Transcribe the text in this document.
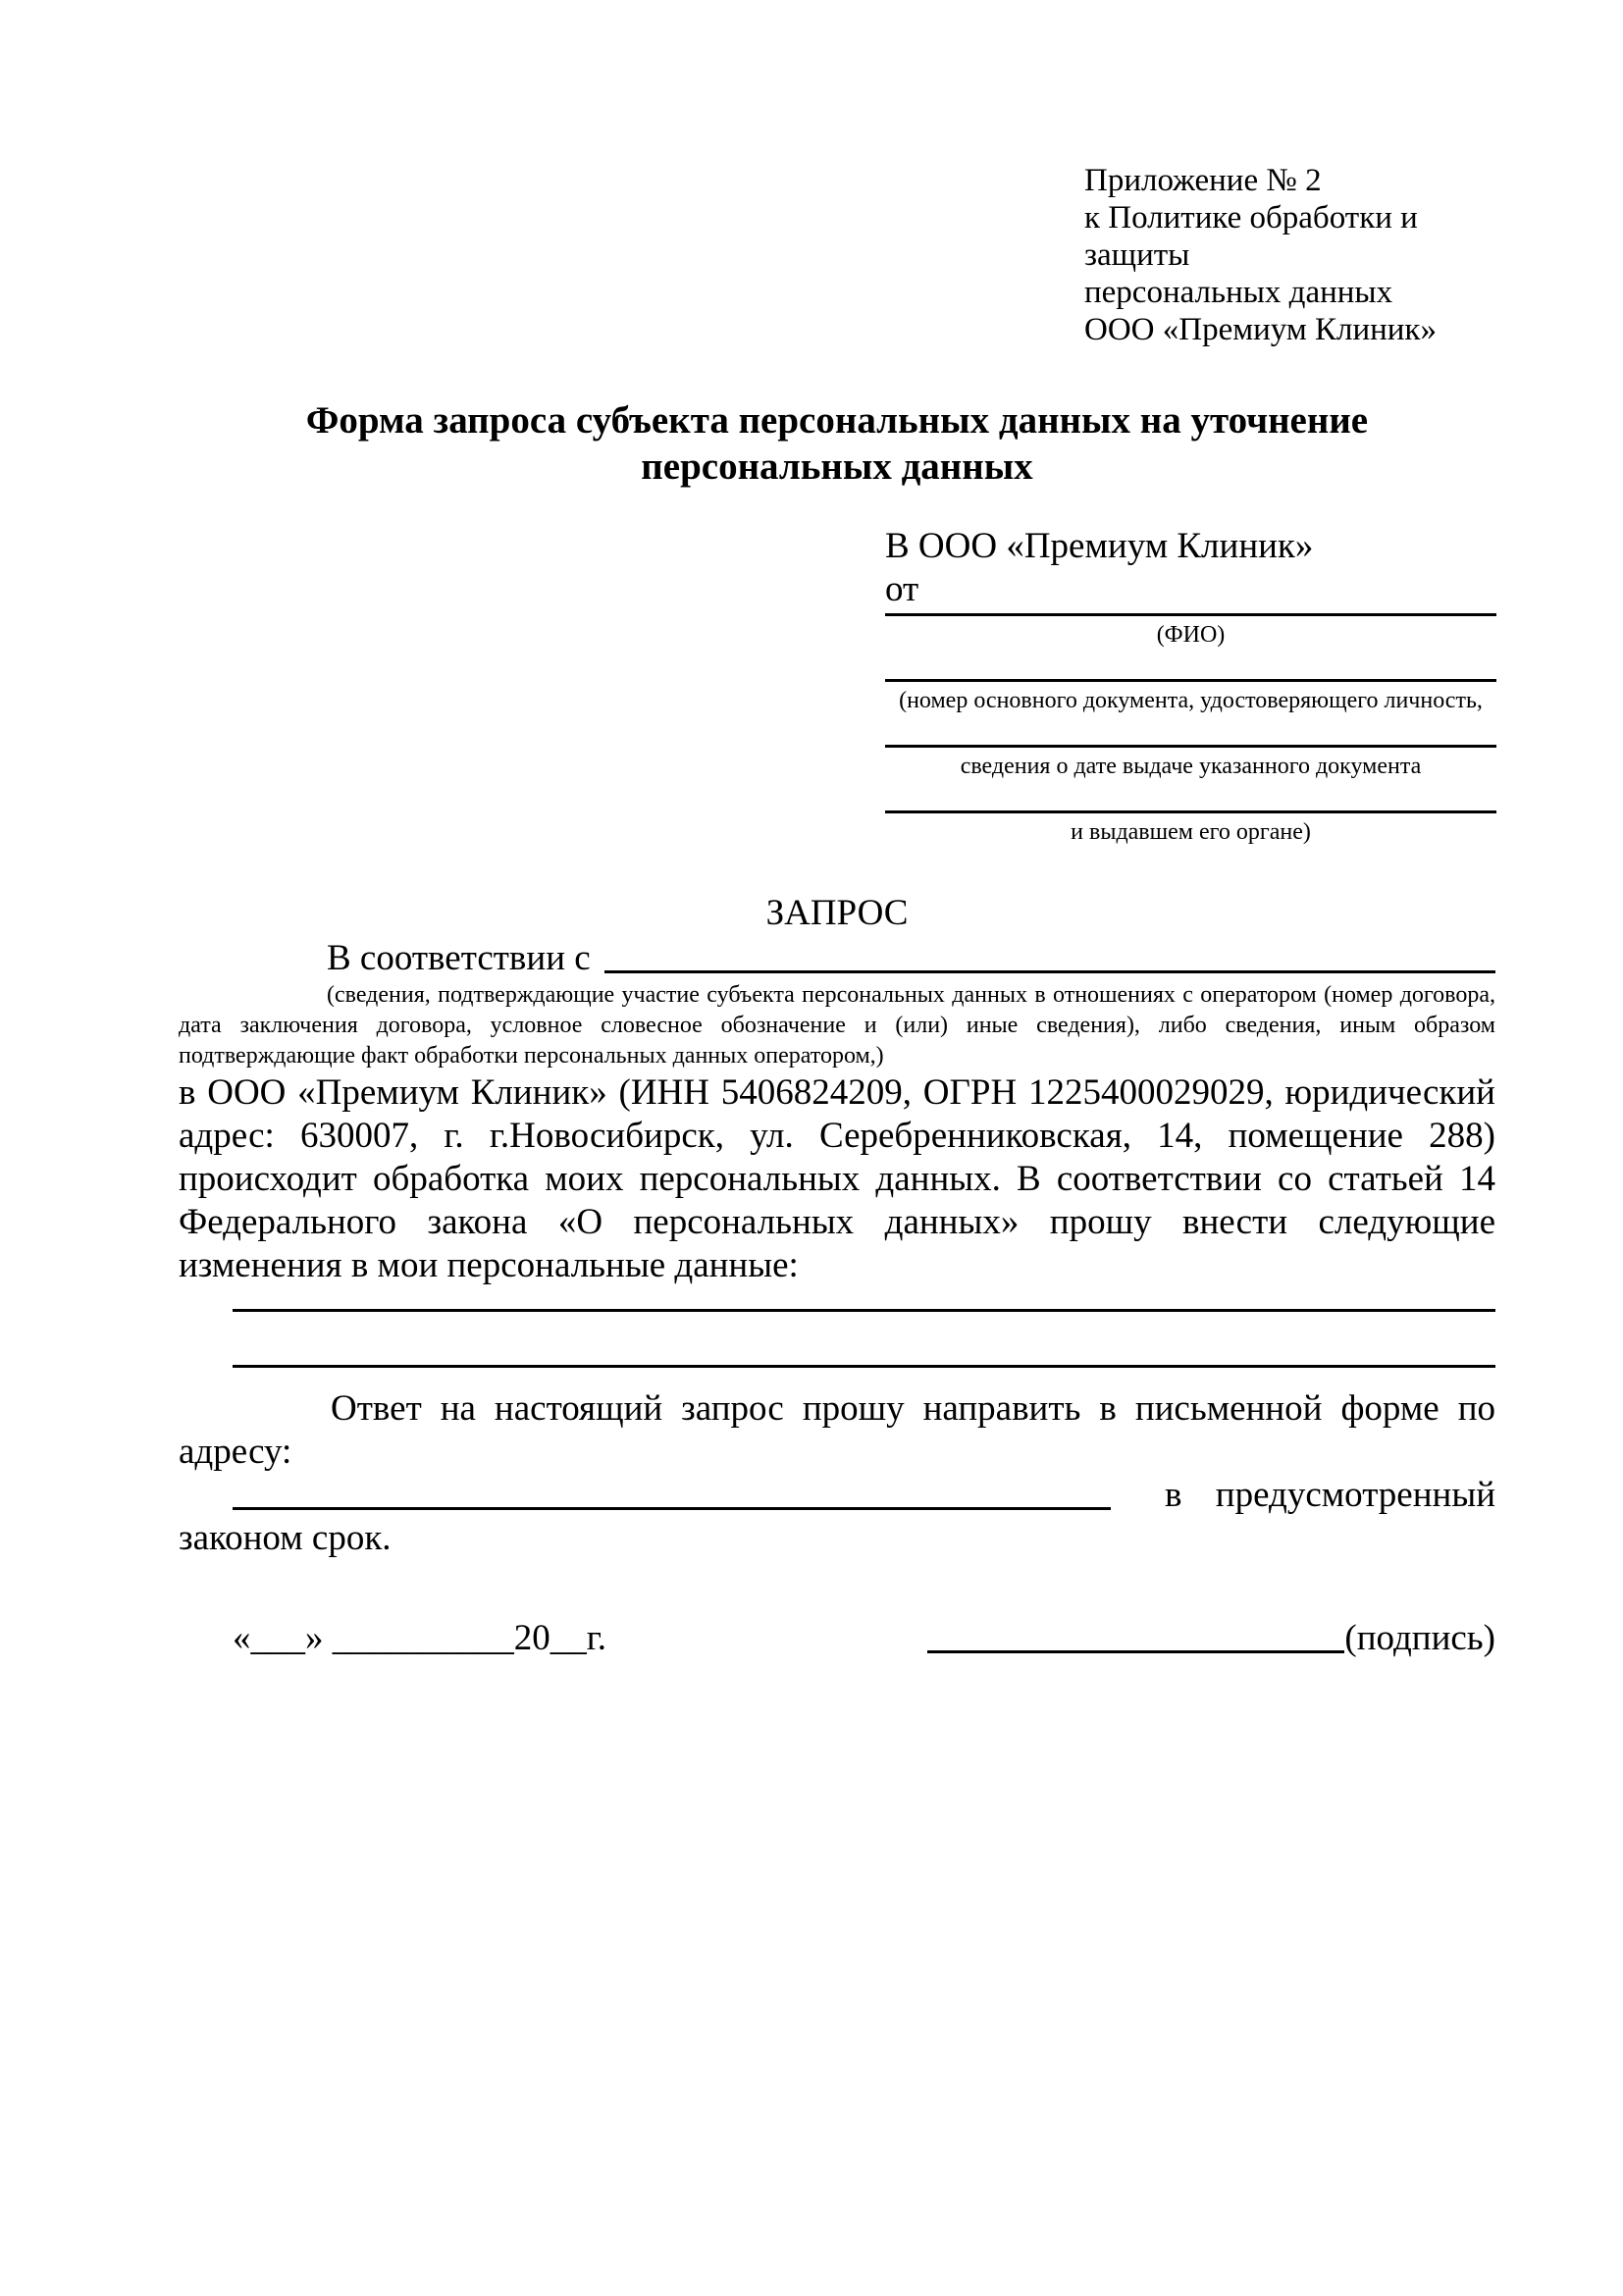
Приложение № 2
к Политике обработки и защиты
персональных данных
ООО «Премиум Клиник»
Форма запроса субъекта персональных данных на уточнение персональных данных
В ООО «Премиум Клиник»
от
(ФИО)
(номер основного документа, удостоверяющего личность,
сведения о дате выдаче указанного документа
и выдавшем его органе)
ЗАПРОС
В соответствии с
(сведения, подтверждающие участие субъекта персональных данных в отношениях с оператором (номер договора, дата заключения договора, условное словесное обозначение и (или) иные сведения), либо сведения, иным образом подтверждающие факт обработки персональных данных оператором,)
в ООО «Премиум Клиник» (ИНН 5406824209, ОГРН 1225400029029, юридический адрес: 630007, г. г.Новосибирск, ул. Серебренниковская, 14, помещение 288) происходит обработка моих персональных данных. В соответствии со статьей 14 Федерального закона «О персональных данных» прошу внести следующие изменения в мои персональные данные:
Ответ на настоящий запрос прошу направить в письменной форме по адресу:
в предусмотренный
законом срок.
«___» __________20__г.	(подпись)
